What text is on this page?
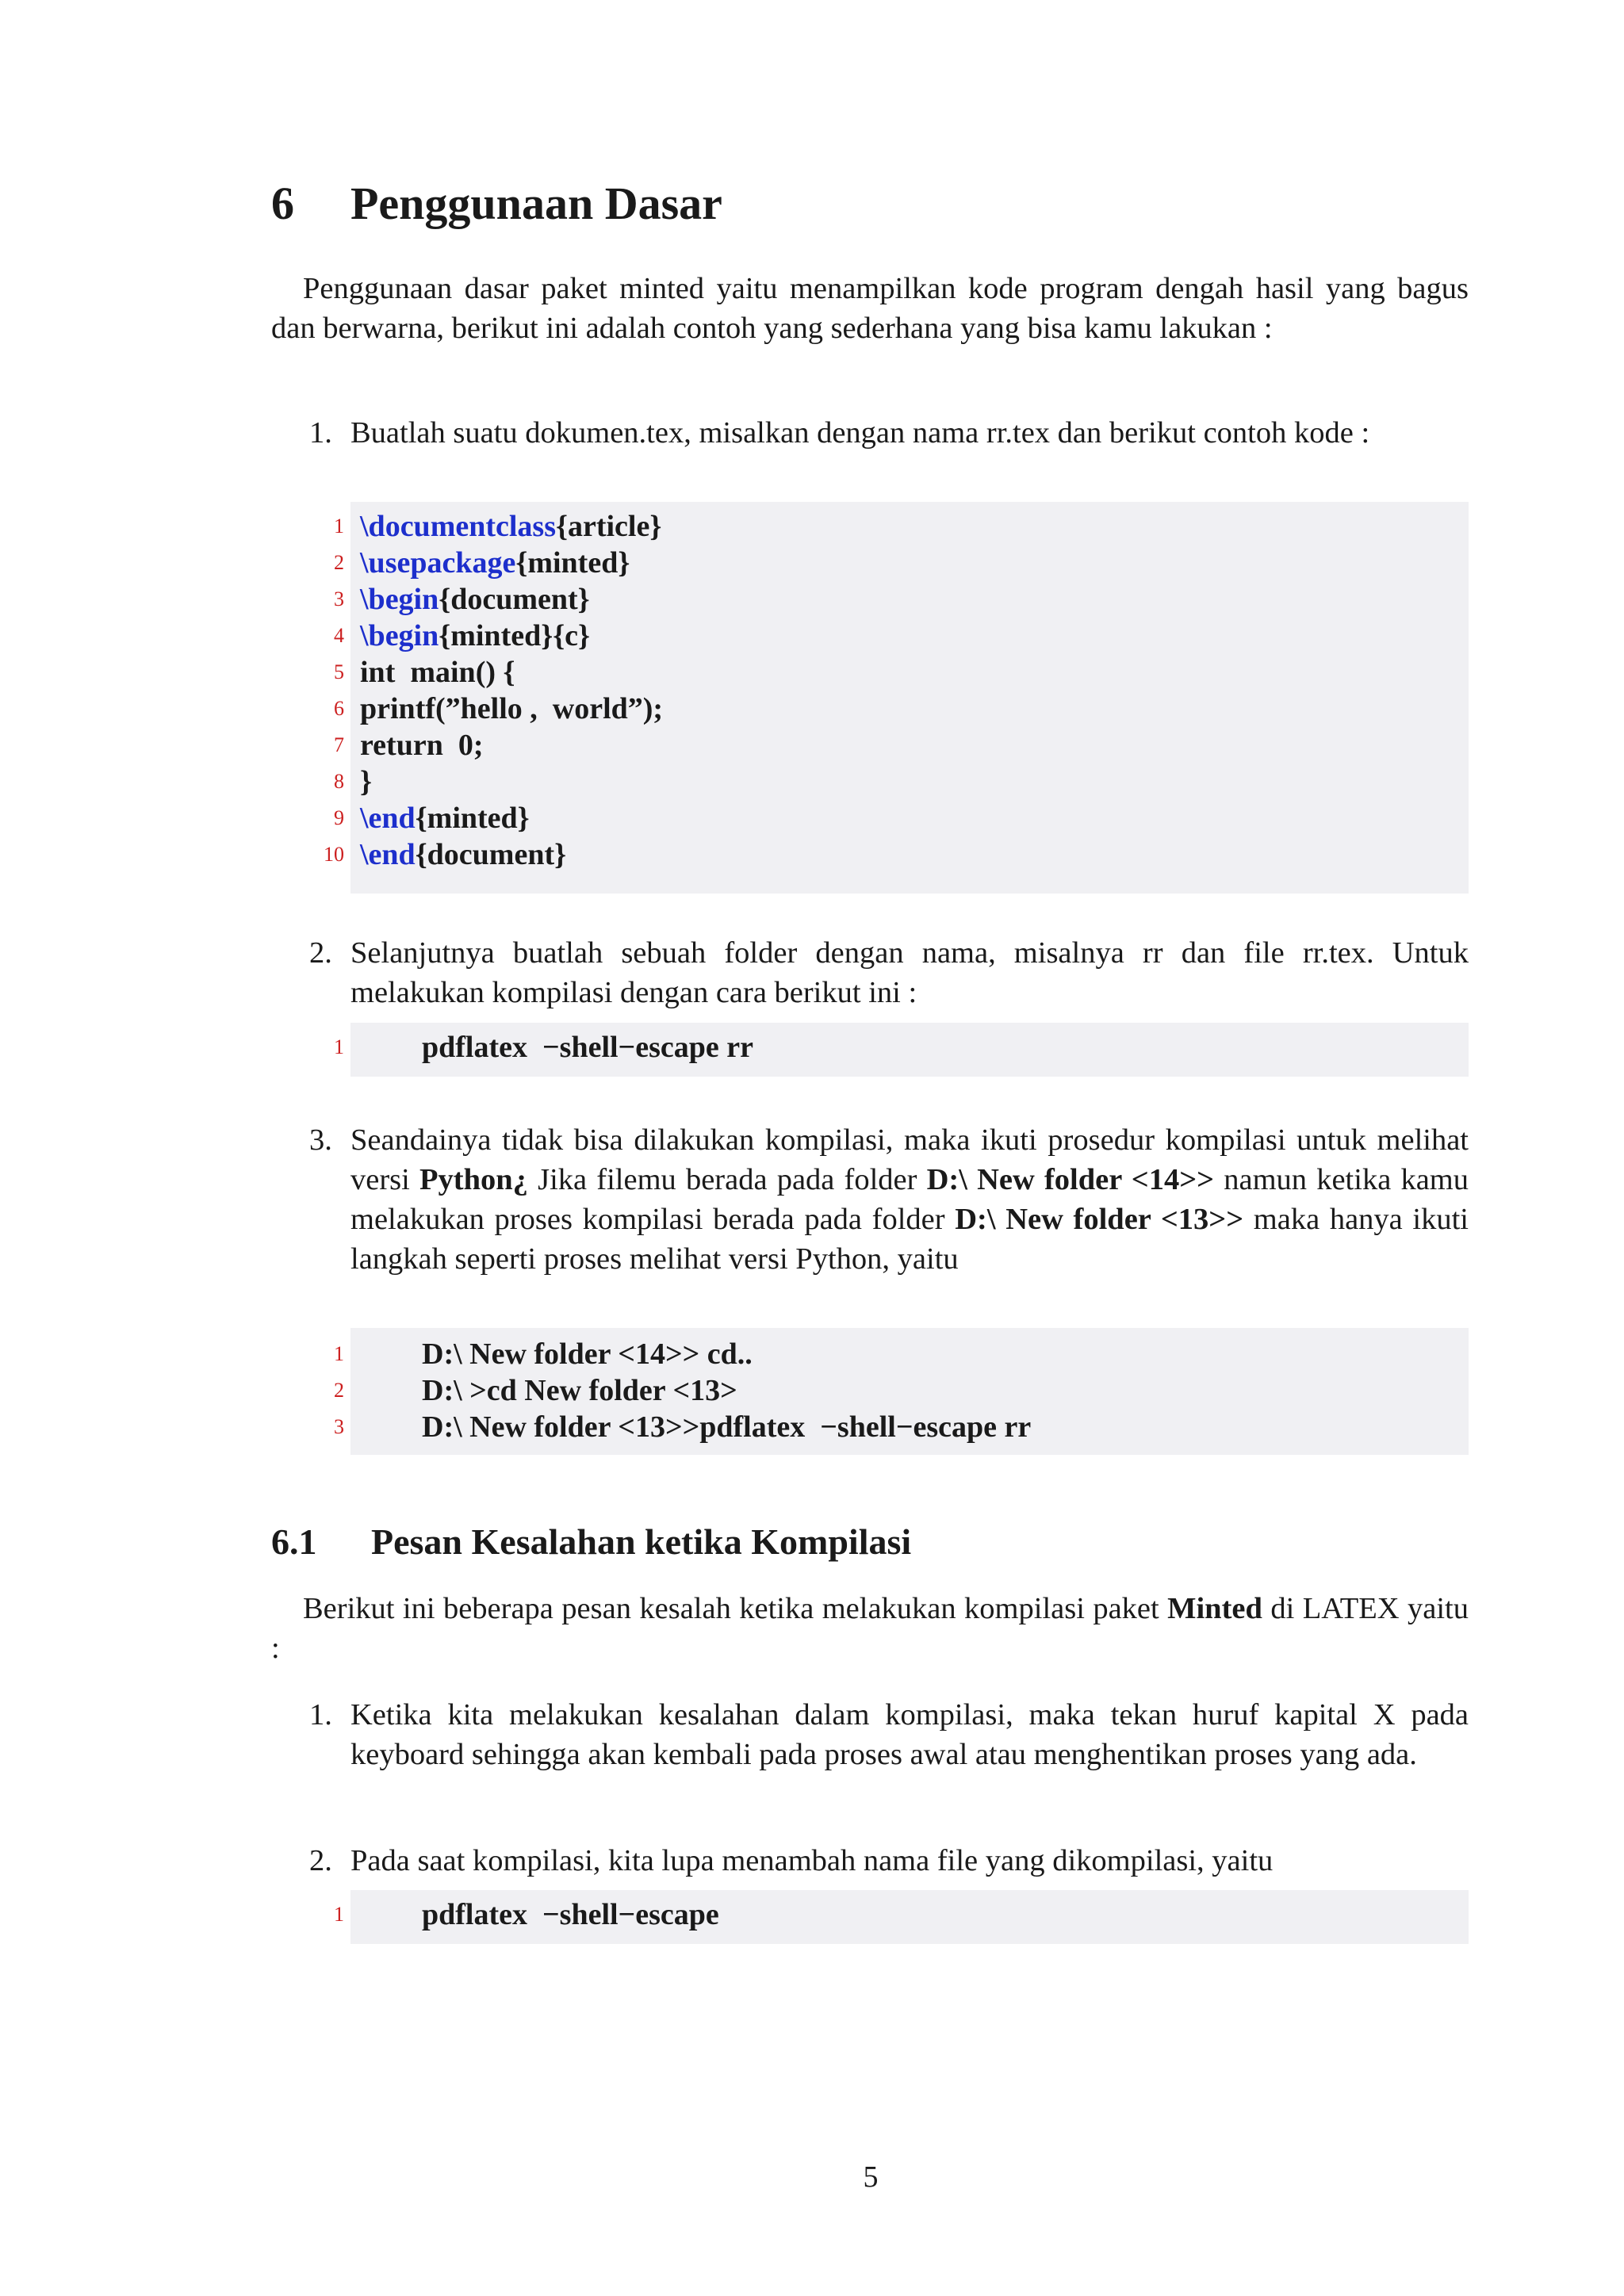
6 Penggunaan Dasar

Penggunaan dasar paket minted yaitu menampilkan kode program dengah hasil yang bagus dan berwarna, berikut ini adalah contoh yang sederhana yang bisa kamu lakukan :

1. Buatlah suatu dokumen.tex, misalkan dengan nama rr.tex dan berikut contoh kode :
1 \documentclass{article}
2 \usepackage{minted}
3 \begin{document}
4 \begin{minted}{c}
5 int  main() {
6 printf(”hello ,  world”);
7 return  0;
8 }
9 \end{minted}
10 \end{document}
2. Selanjutnya buatlah sebuah folder dengan nama, misalnya rr dan file rr.tex. Untuk melakukan kompilasi dengan cara berikut ini :
1	pdflatex  −shell−escape rr
3. Seandainya tidak bisa dilakukan kompilasi, maka ikuti prosedur kompilasi untuk melihat versi Python¿ Jika filemu berada pada folder D:\ New folder <14>> namun ketika kamu melakukan proses kompilasi berada pada folder D:\ New folder <13>> maka hanya ikuti langkah seperti proses melihat versi Python, yaitu
1	D:\ New folder <14>> cd..
2	D:\ >cd New folder <13>
3	D:\ New folder <13>>pdflatex  −shell−escape rr
6.1 Pesan Kesalahan ketika Kompilasi

Berikut ini beberapa pesan kesalah ketika melakukan kompilasi paket Minted di LATEX yaitu :

1. Ketika kita melakukan kesalahan dalam kompilasi, maka tekan huruf kapital X pada keyboard sehingga akan kembali pada proses awal atau menghentikan proses yang ada.
2. Pada saat kompilasi, kita lupa menambah nama file yang dikompilasi, yaitu
1	pdflatex  −shell−escape
5
